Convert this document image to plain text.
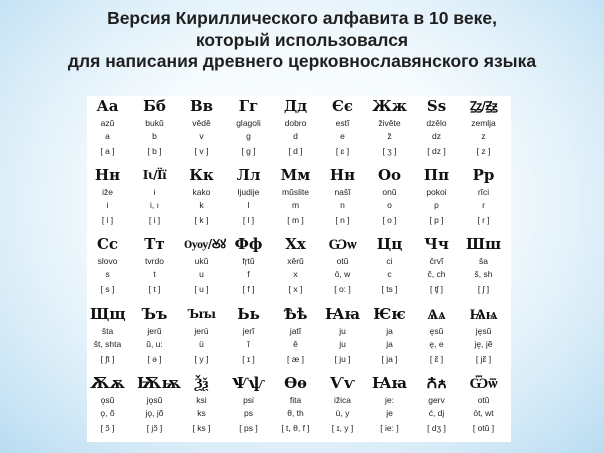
Версия Кириллического алфавита в 10 веке,
который использовался
для написания древнего церковнославянского языка
Аа
azŭ
a
[ a ]
Бб
bukŭ
b
[ b ]
Вв
vědě
v
[ v ]
Гг
glagoli
g
[ g ]
Дд
dobro
d
[ d ]
Єє
estĭ
e
[ ɛ ]
Жж
živěte
ž
[ ʒ ]
Ѕѕ
dzělo
dz
[ dz ]
Ꙁꙁ/Ꙃꙃ
zemlja
z
[ z ]
Нн
iže
i
[ i ]
Ιι/Її
i
i, ı
[ i ]
Кк
kako
k
[ k ]
Лл
ljudije
l
[ l ]
Мм
mŭslite
m
[ m ]
Нн
našĭ
n
[ n ]
Оо
onŭ
o
[ o ]
Пп
pokoi
p
[ p ]
Рр
rĭci
r
[ r ]
Сс
slovo
s
[ s ]
Тт
tvrdo
t
[ t ]
Ѹѹ/Ꙋꙋ
ukŭ
u
[ u ]
Фф
fŗtŭ
f
[ f ]
Хх
xěrŭ
x
[ x ]
Ѡѡ
otŭ
ō, w
[ o: ]
Цц
ci
c
[ ts ]
Чч
črvĭ
č, ch
[ ʧ ]
Шш
ša
š, sh
[ ʃ ]
Щщ
šta
št, shta
[ ʃt ]
Ъъ
jerŭ
ŭ, u:
[ ə ]
Ъıъı
jerū
ū
[ y ]
Ьь
jerĭ
ĭ
[ ɪ ]
Ѣѣ
jatĭ
ě
[ æ ]
Ꙗꙗ
ju
ju
[ ju ]
Ѥѥ
ja
ja
[ ja ]
Ѧѧ
ęsŭ
ę, e
[ ɛ̃ ]
Ѩѩ
jęsŭ
ję, jẽ
[ jɛ̃ ]
Ѫѫ
ǫsŭ
ǫ, õ
[ ɔ̃ ]
Ѭѭ
jǫsŭ
jǫ, jõ
[ jɔ̃ ]
Ѯѯ
ksi
ks
[ ks ]
Ѱѱ
psi
ps
[ ps ]
Ѳѳ
fita
θ, th
[ t, θ, f ]
Ѵѵ
ižica
ü, y
[ ɪ, y ]
Ꙗꙗ
je:
je
[ ie: ]
Ꙉꙉ
gerv
ć, dj
[ dʒ ]
Ѿѿ
otŭ
ōt, wt
[ otŭ ]
